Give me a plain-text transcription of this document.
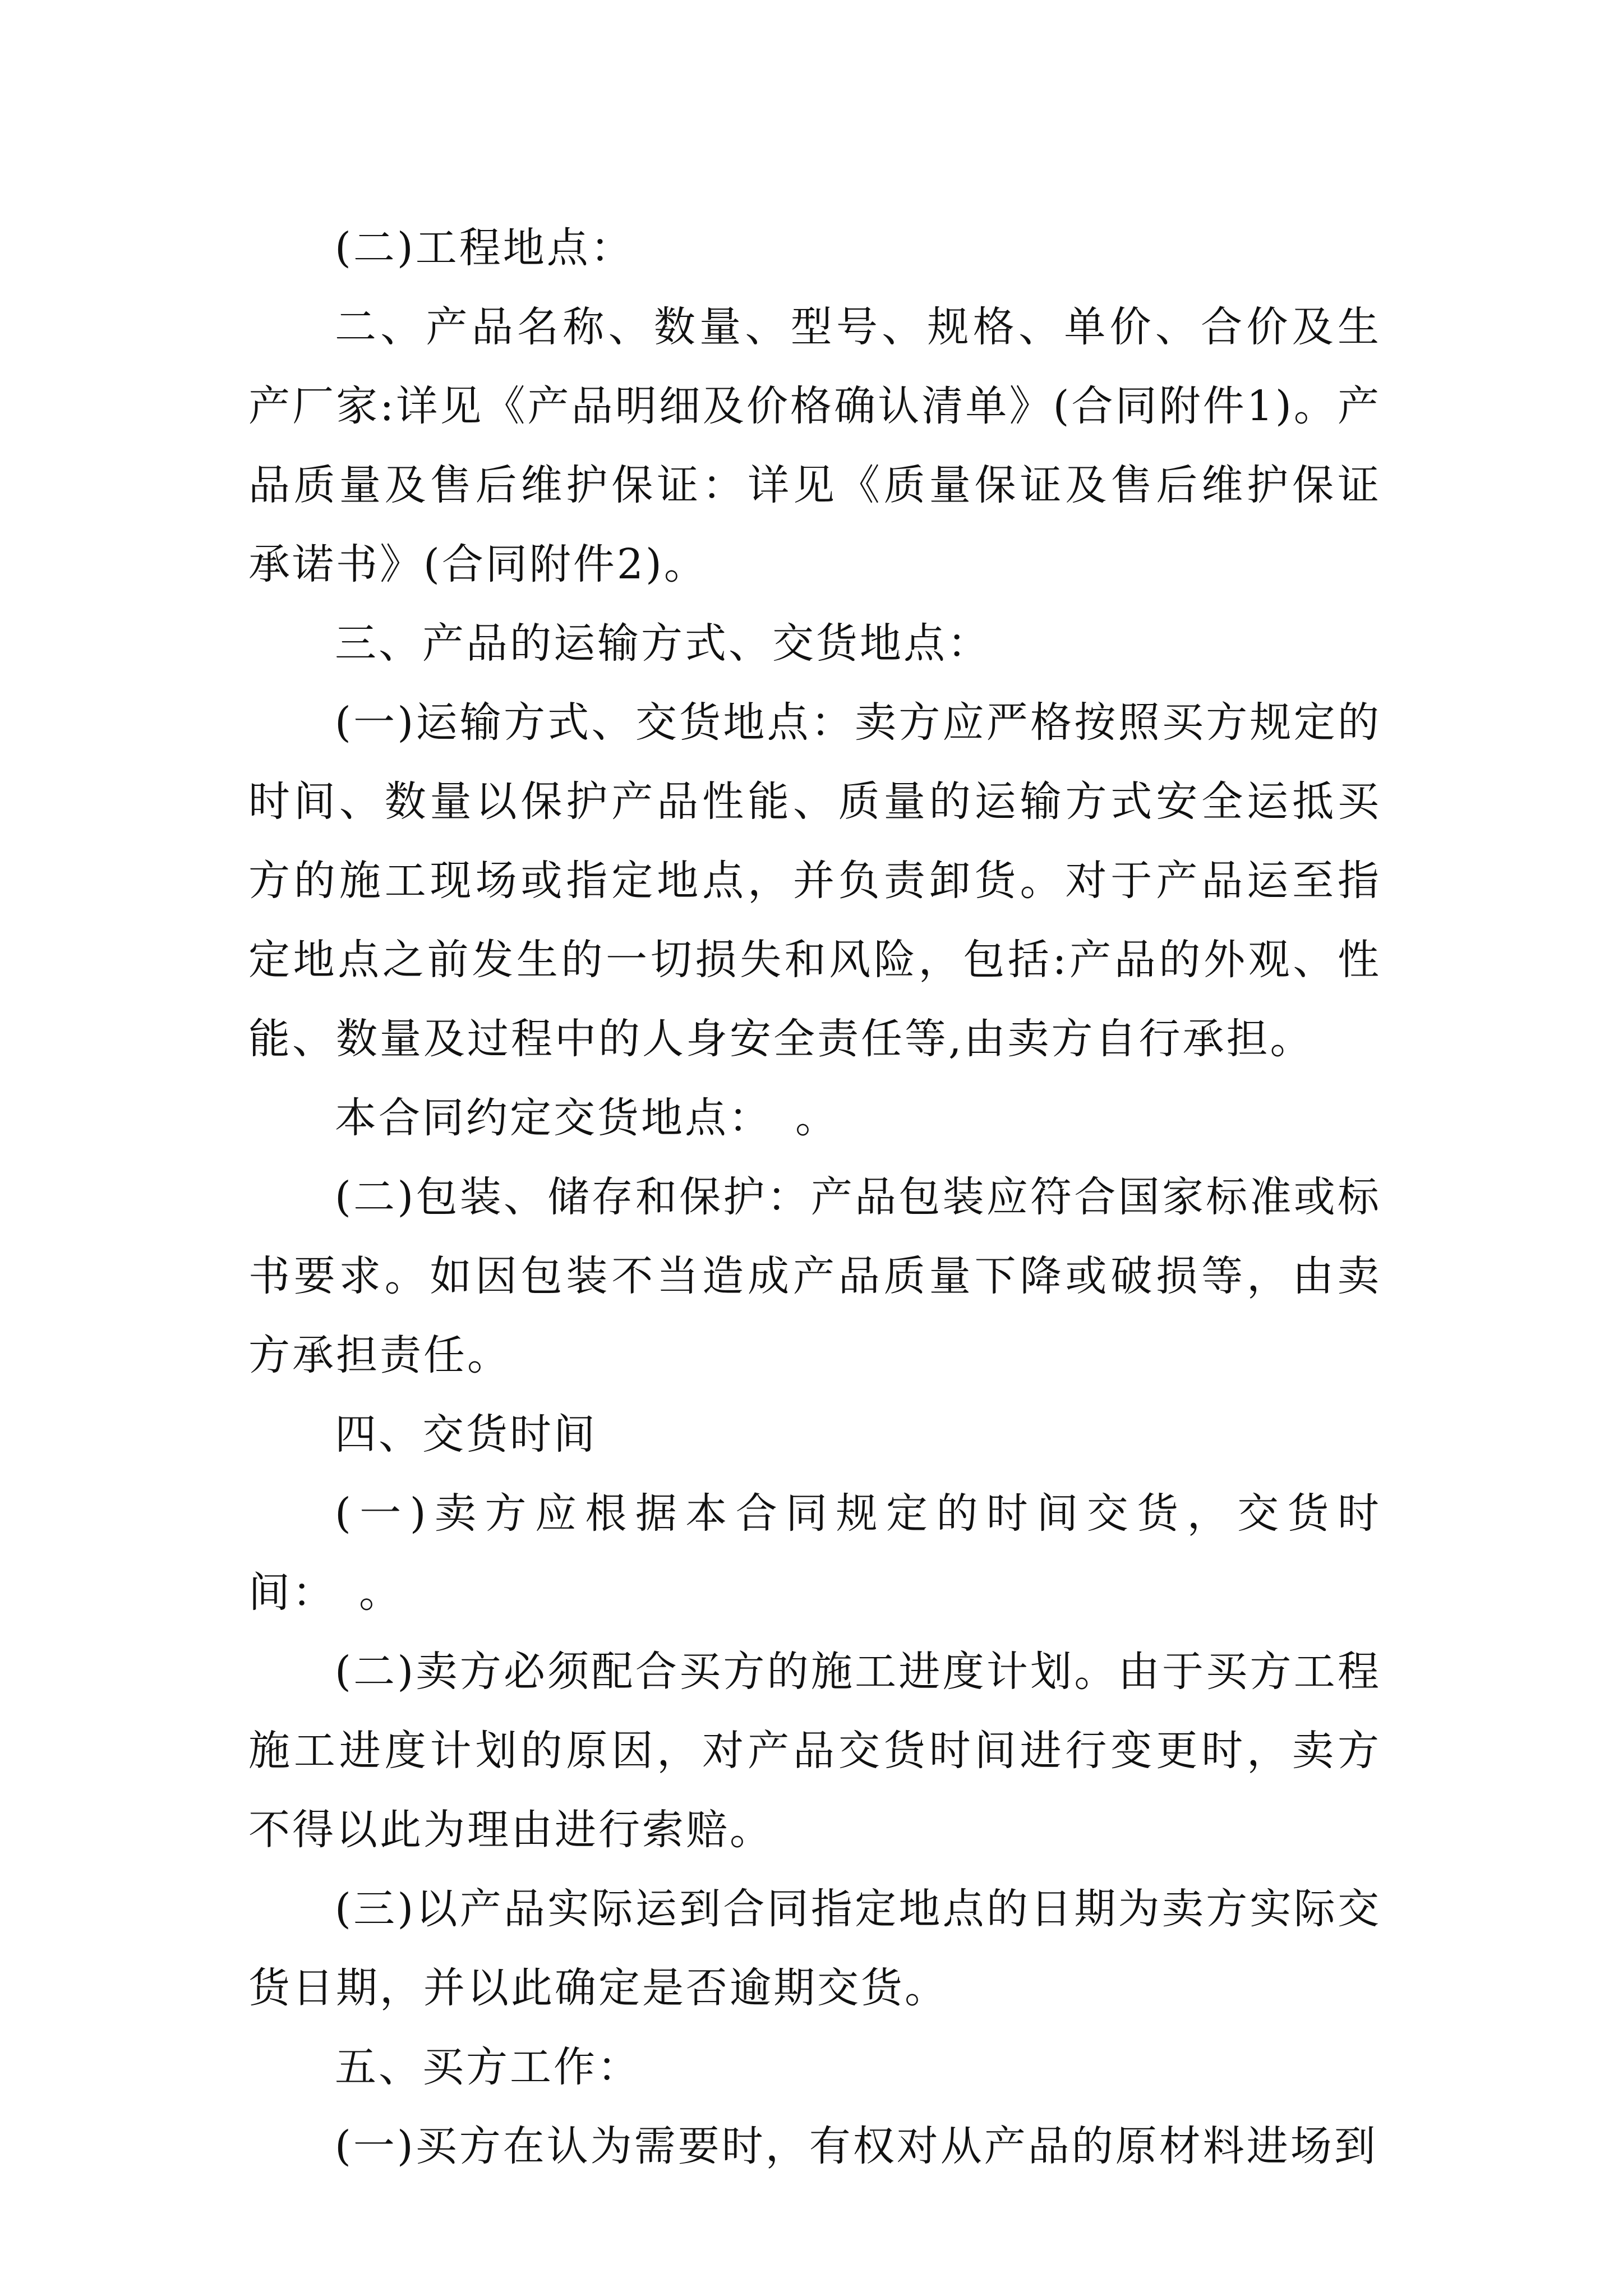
(二)工程地点：

二、产品名称、数量、型号、规格、单价、合价及生产厂家:详见《产品明细及价格确认清单》(合同附件1)。产品质量及售后维护保证：详见《质量保证及售后维护保证承诺书》(合同附件2)。

三、产品的运输方式、交货地点：

(一)运输方式、交货地点：卖方应严格按照买方规定的时间、数量以保护产品性能、质量的运输方式安全运抵买方的施工现场或指定地点，并负责卸货。对于产品运至指定地点之前发生的一切损失和风险，包括:产品的外观、性能、数量及过程中的人身安全责任等,由卖方自行承担。

本合同约定交货地点：　。

(二)包装、储存和保护：产品包装应符合国家标准或标书要求。如因包装不当造成产品质量下降或破损等，由卖方承担责任。

四、交货时间

(一)卖方应根据本合同规定的时间交货，交货时间：　。

(二)卖方必须配合买方的施工进度计划。由于买方工程施工进度计划的原因，对产品交货时间进行变更时，卖方不得以此为理由进行索赔。

(三)以产品实际运到合同指定地点的日期为卖方实际交货日期，并以此确定是否逾期交货。

五、买方工作：

(一)买方在认为需要时，有权对从产品的原材料进场到
